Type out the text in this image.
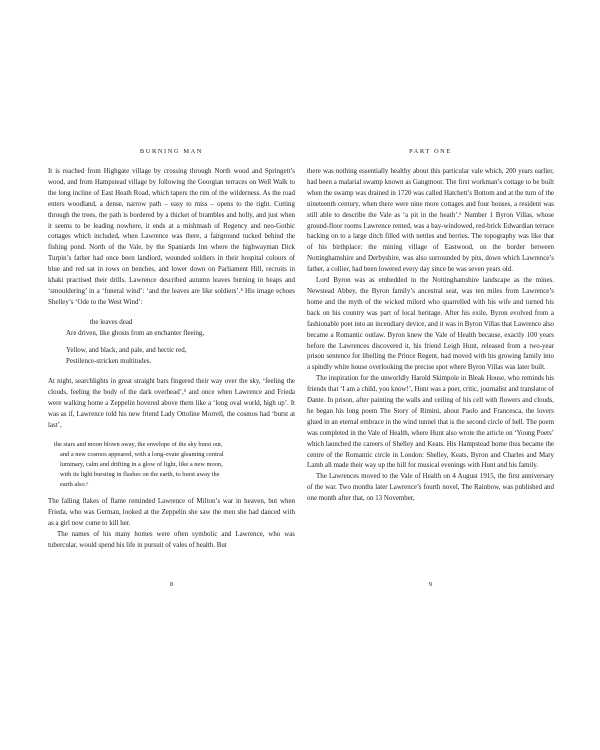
BURNING MAN

It is reached from Highgate village by crossing through North wood and Springett’s wood, and from Hampstead village by following the Georgian terraces on Well Walk to the long incline of East Heath Road, which tapers the rim of the wilderness. As the road enters woodland, a dense, narrow path – easy to miss – opens to the right. Cutting through the trees, the path is bordered by a thicket of brambles and holly, and just when it seems to be leading nowhere, it ends at a mishmash of Regency and neo-Gothic cottages which included, when Lawrence was there, a fairground tucked behind the fishing pond. North of the Vale, by the Spaniards Inn where the highwayman Dick Turpin’s father had once been landlord, wounded soldiers in their hospital colours of blue and red sat in rows on benches, and lower down on Parliament Hill, recruits in khaki practised their drills. Lawrence described autumn leaves burning in heaps and ‘smouldering’ in a ‘funeral wind’: ‘and the leaves are like soldiers’.⁴ His image echoes Shelley’s ‘Ode to the West Wind’:

the leaves dead
Are driven, like ghosts from an enchanter fleeing,
Yellow, and black, and pale, and hectic red,
Pestilence-stricken multitudes.

At night, searchlights in great straight bars fingered their way over the sky, ‘feeling the clouds, feeling the body of the dark overhead’,⁵ and once when Lawrence and Frieda were walking home a Zeppelin hovered above them like a ‘long oval world, high up’. It was as if, Lawrence told his new friend Lady Ottoline Morrell, the cosmos had ‘burst at last’,

the stars and moon blown away, the envelope of the sky burst out,
and a new cosmos appeared, with a long-ovate gleaming central
luminary, calm and drifting in a glow of light, like a new moon,
with its light bursting in flashes on the earth, to burst away the
earth also.⁶

The falling flakes of flame reminded Lawrence of Milton’s war in heaven, but when Frieda, who was German, looked at the Zeppelin she saw the men she had danced with as a girl now come to kill her.

The names of his many homes were often symbolic and Lawrence, who was tubercular, would spend his life in pursuit of vales of health. But

PART ONE

there was nothing essentially healthy about this particular vale which, 200 years earlier, had been a malarial swamp known as Gangmoor. The first workman’s cottage to be built when the swamp was drained in 1720 was called Hatchett’s Bottom and at the turn of the nineteenth century, when there were nine more cottages and four houses, a resident was still able to describe the Vale as ‘a pit in the heath’.⁶ Number 1 Byron Villas, whose ground-floor rooms Lawrence rented, was a bay-windowed, red-brick Edwardian terrace backing on to a large ditch filled with nettles and berries. The topography was like that of his birthplace: the mining village of Eastwood, on the border between Nottinghamshire and Derbyshire, was also surrounded by pits, down which Lawrence’s father, a collier, had been lowered every day since he was seven years old.

Lord Byron was as embedded in the Nottinghamshire landscape as the mines. Newstead Abbey, the Byron family’s ancestral seat, was ten miles from Lawrence’s home and the myth of the wicked milord who quarrelled with his wife and turned his back on his country was part of local heritage. After his exile, Byron evolved from a fashionable poet into an incendiary device, and it was in Byron Villas that Lawrence also became a Romantic outlaw. Byron knew the Vale of Health because, exactly 100 years before the Lawrences discovered it, his friend Leigh Hunt, released from a two-year prison sentence for libelling the Prince Regent, had moved with his growing family into a spindly white house overlooking the precise spot where Byron Villas was later built.

The inspiration for the unworldly Harold Skimpole in Bleak House, who reminds his friends that ‘I am a child, you know!’, Hunt was a poet, critic, journalist and translator of Dante. In prison, after painting the walls and ceiling of his cell with flowers and clouds, he began his long poem The Story of Rimini, about Paolo and Francesca, the lovers glued in an eternal embrace in the wind tunnel that is the second circle of hell. The poem was completed in the Vale of Health, where Hunt also wrote the article on ‘Young Poets’ which launched the careers of Shelley and Keats. His Hampstead home thus became the centre of the Romantic circle in London: Shelley, Keats, Byron and Charles and Mary Lamb all made their way up the hill for musical evenings with Hunt and his family.

The Lawrences moved to the Vale of Health on 4 August 1915, the first anniversary of the war. Two months later Lawrence’s fourth novel, The Rainbow, was published and one month after that, on 13 November,

8	9
